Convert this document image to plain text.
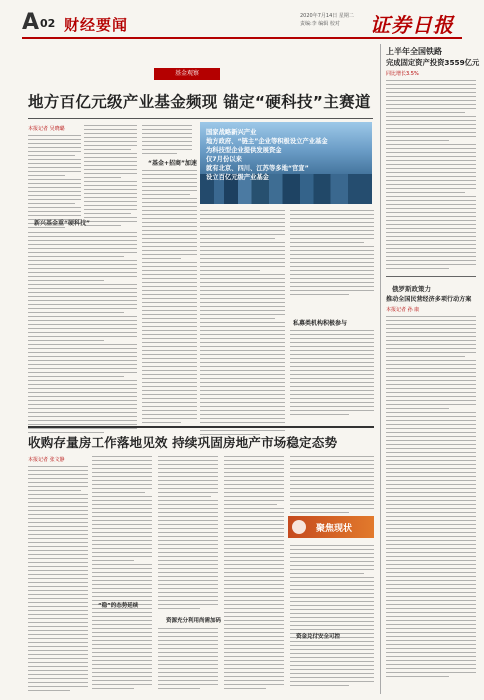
A 02 财经要闻	2020年7月14日 星期二
责编:李 编辑 校对 证券日报
基金观察
地方百亿元级产业基金频现 锚定“硬科技”主赛道
本报记者 吴晓璐
新兴基金重“硬科技”
“基金+招商”加速
国家战略新兴产业
地方政府、“链主”企业等积极设立产业基金
为科技型企业提供发展资金
仅7月份以来
就有北京、四川、江苏等多地“官宣”
设立百亿元级产业基金
私募类机构积极参与
上半年全国铁路
完成固定资产投资3559亿元
同比增长3.5%
俄罗斯政策力
推动全国民营经济多项行动方案
本报记者 孙 康
收购存量房工作落地见效 持续巩固房地产市场稳定态势
本报记者 张文静
“稳”的态势延续
资源充分利用尚需加码
聚焦现状
资金兑付安全可控
